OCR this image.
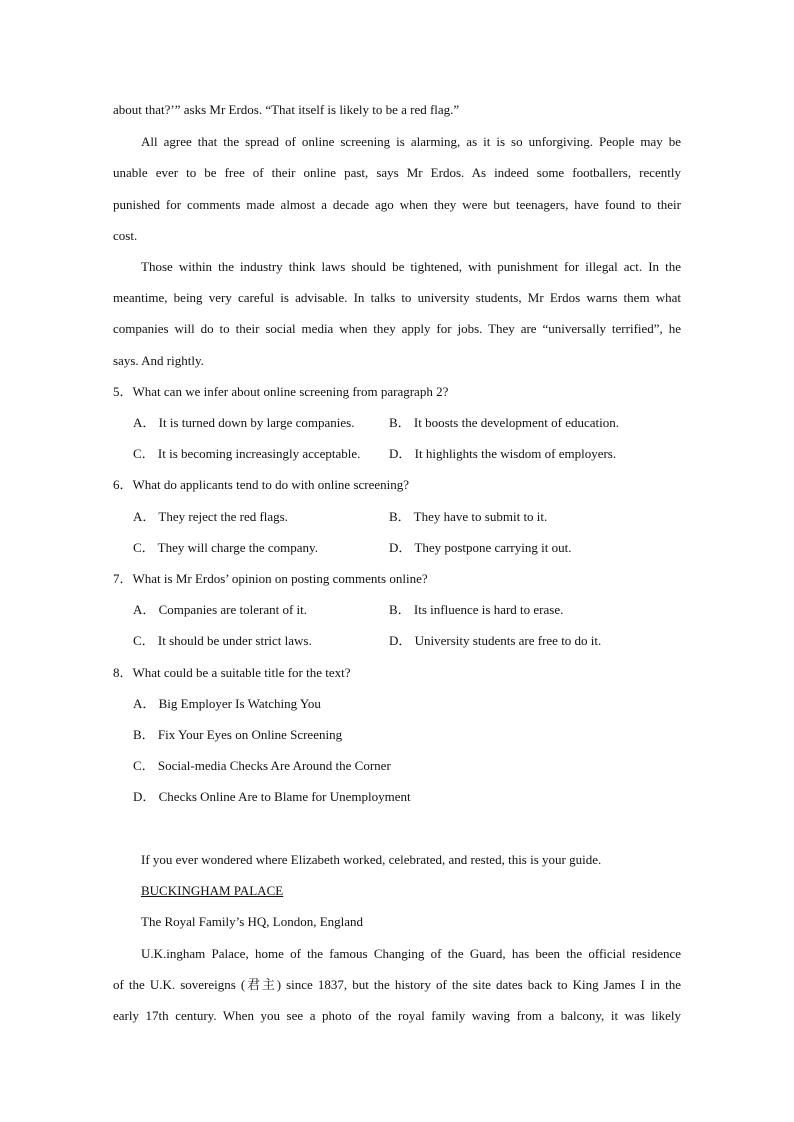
about that?’” asks Mr Erdos. “That itself is likely to be a red flag.”
All agree that the spread of online screening is alarming, as it is so unforgiving. People may be
unable ever to be free of their online past, says Mr Erdos. As indeed some footballers, recently
punished for comments made almost a decade ago when they were but teenagers, have found to their
cost.
Those within the industry think laws should be tightened, with punishment for illegal act. In the
meantime, being very careful is advisable. In talks to university students, Mr Erdos warns them what
companies will do to their social media when they apply for jobs. They are “universally terrified”, he
says. And rightly.
5．What can we infer about online screening from paragraph 2?
A． It is turned down by large companies.	B． It boosts the development of education.
C． It is becoming increasingly acceptable. D． It highlights the wisdom of employers.
6．What do applicants tend to do with online screening?
A． They reject the red flags.	B． They have to submit to it.
C． They will charge the company.	D． They postpone carrying it out.
7．What is Mr Erdos’ opinion on posting comments online?
A． Companies are tolerant of it.	B． Its influence is hard to erase.
C． It should be under strict laws.	D． University students are free to do it.
8．What could be a suitable title for the text?
A． Big Employer Is Watching You
B． Fix Your Eyes on Online Screening
C． Social-media Checks Are Around the Corner
D． Checks Online Are to Blame for Unemployment
If you ever wondered where Elizabeth worked, celebrated, and rested, this is your guide.
BUCKINGHAM PALACE
The Royal Family’s HQ, London, England
U.K.ingham Palace, home of the famous Changing of the Guard, has been the official residence
of the U.K. sovereigns (君主) since 1837, but the history of the site dates back to King James I in the
early 17th century. When you see a photo of the royal family waving from a balcony, it was likely
